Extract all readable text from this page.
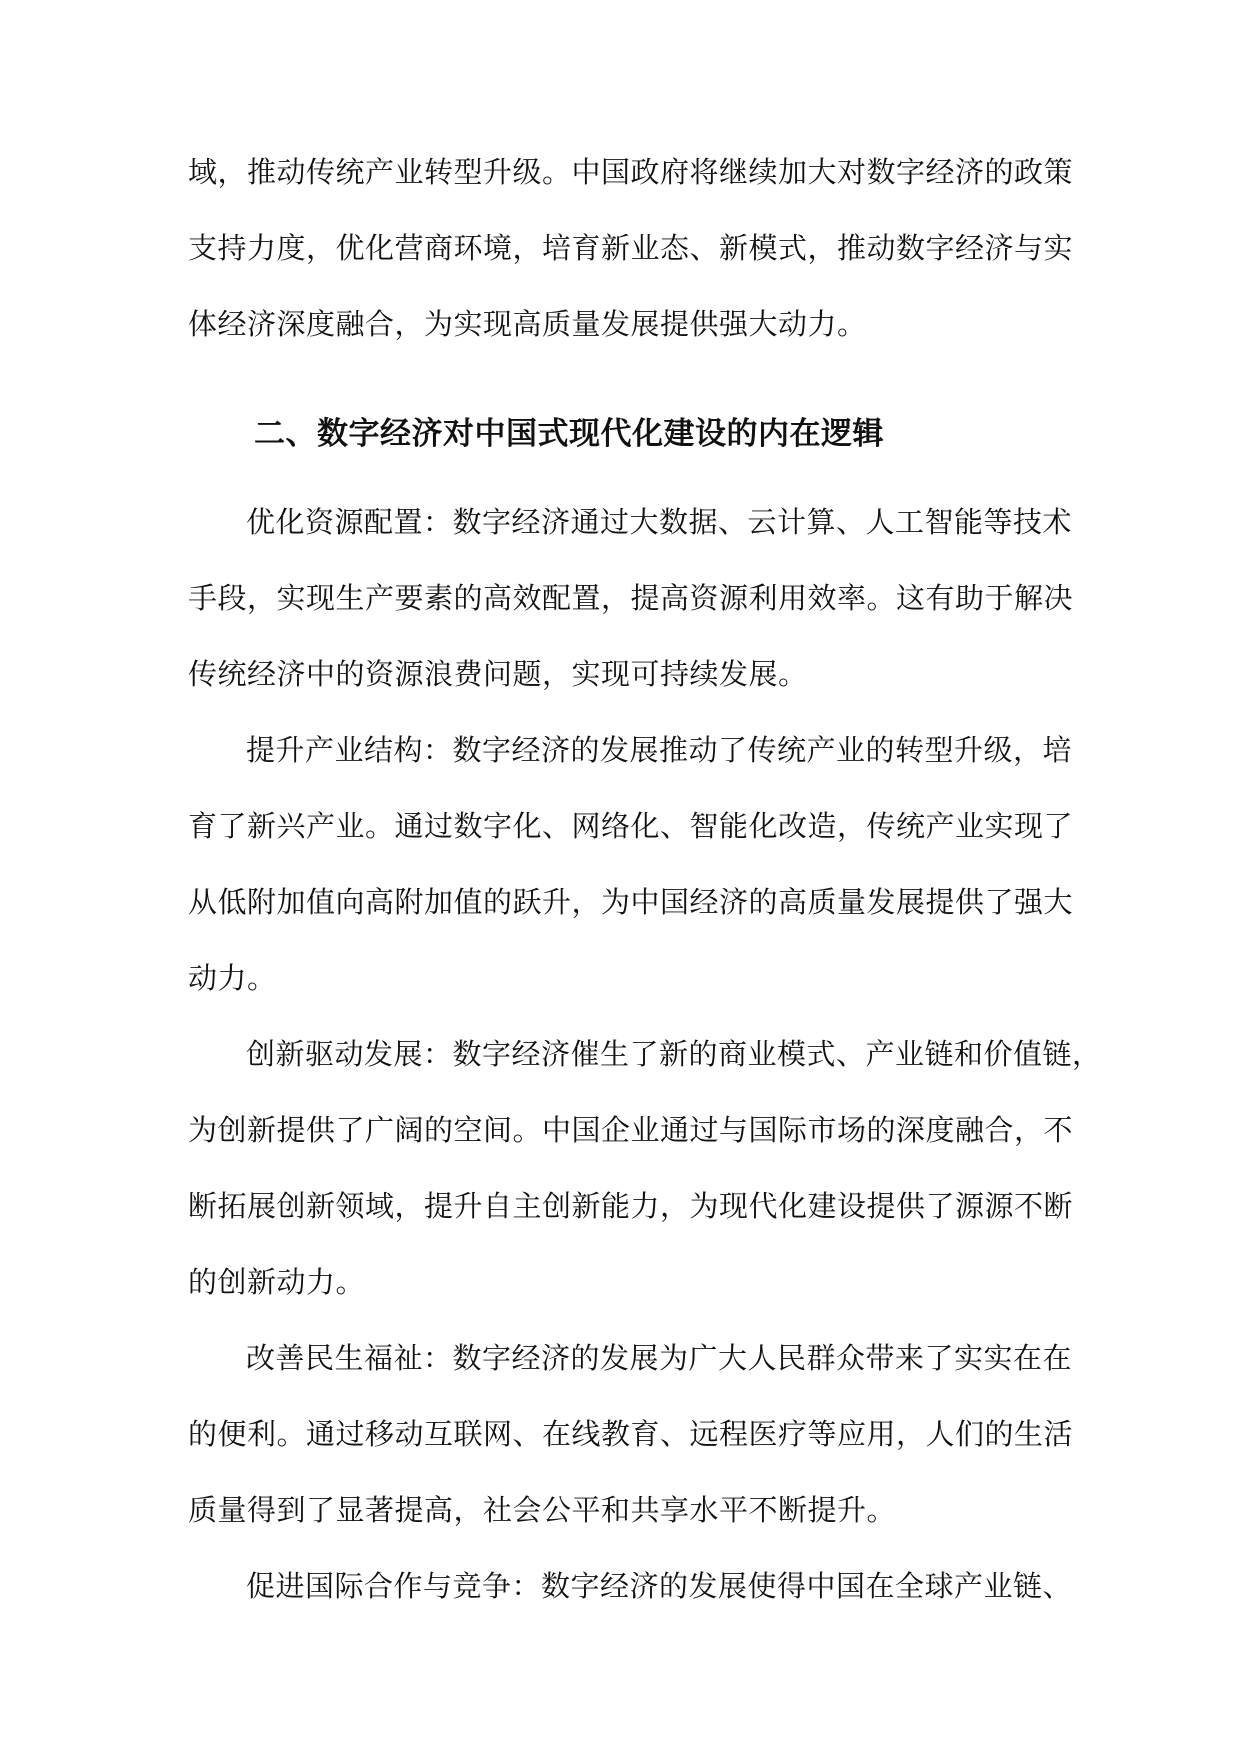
域，推动传统产业转型升级。中国政府将继续加大对数字经济的政策
支持力度，优化营商环境，培育新业态、新模式，推动数字经济与实
体经济深度融合，为实现高质量发展提供强大动力。
二、数字经济对中国式现代化建设的内在逻辑
优化资源配置：数字经济通过大数据、云计算、人工智能等技术
手段，实现生产要素的高效配置，提高资源利用效率。这有助于解决
传统经济中的资源浪费问题，实现可持续发展。
提升产业结构：数字经济的发展推动了传统产业的转型升级，培
育了新兴产业。通过数字化、网络化、智能化改造，传统产业实现了
从低附加值向高附加值的跃升，为中国经济的高质量发展提供了强大
动力。
创新驱动发展：数字经济催生了新的商业模式、产业链和价值链，
为创新提供了广阔的空间。中国企业通过与国际市场的深度融合，不
断拓展创新领域，提升自主创新能力，为现代化建设提供了源源不断
的创新动力。
改善民生福祉：数字经济的发展为广大人民群众带来了实实在在
的便利。通过移动互联网、在线教育、远程医疗等应用，人们的生活
质量得到了显著提高，社会公平和共享水平不断提升。
促进国际合作与竞争：数字经济的发展使得中国在全球产业链、
